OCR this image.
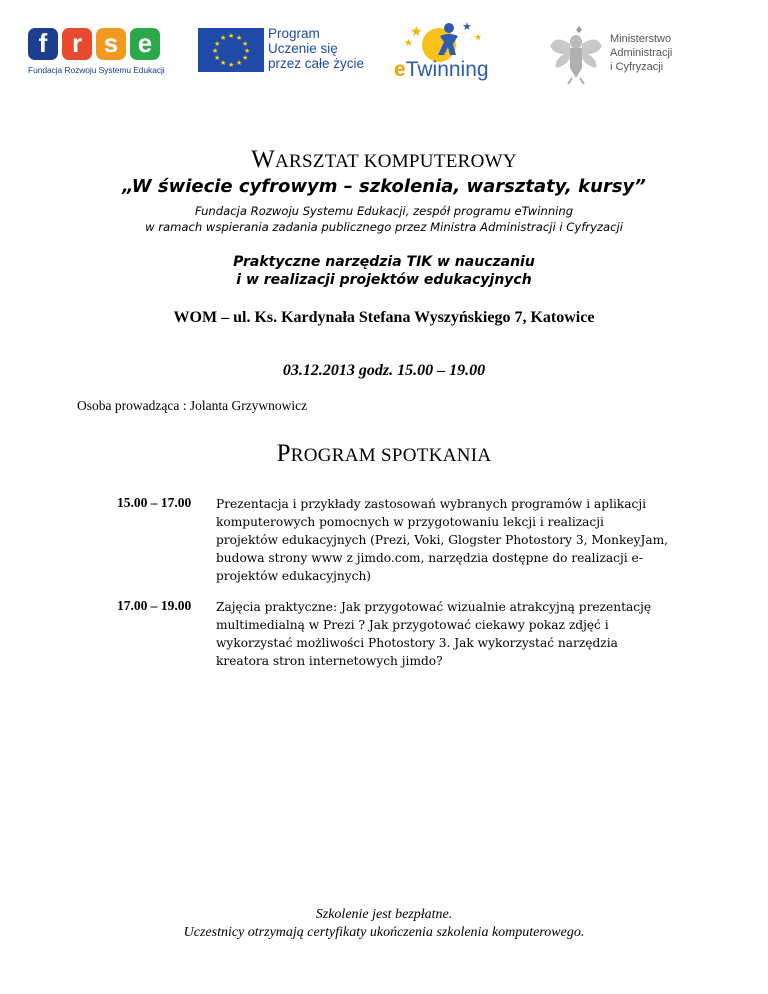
f r s e
Fundacja Rozwoju Systemu Edukacji
★ ★
★
★
★
★
★
★
★
★
★
★	Program
Uczenie się
przez całe życie
★
★
★
★
eTwinning
Ministerstwo
Administracji
i Cyfryzacji
WARSZTAT KOMPUTEROWY
„W świecie cyfrowym – szkolenia, warsztaty, kursy”
Fundacja Rozwoju Systemu Edukacji, zespół programu eTwinning
w ramach wspierania zadania publicznego przez Ministra Administracji i Cyfryzacji
Praktyczne narzędzia TIK w nauczaniu
i w realizacji projektów edukacyjnych
WOM – ul. Ks. Kardynała Stefana Wyszyńskiego 7, Katowice
03.12.2013 godz. 15.00 – 19.00
Osoba prowadząca : Jolanta Grzywnowicz
PROGRAM SPOTKANIA
15.00 – 17.00 Prezentacja i przykłady zastosowań wybranych programów i aplikacji
komputerowych pomocnych w przygotowaniu lekcji i realizacji
projektów edukacyjnych (Prezi, Voki, Glogster Photostory 3, MonkeyJam,
budowa strony www z jimdo.com, narzędzia dostępne do realizacji e-
projektów edukacyjnych)
17.00 – 19.00 Zajęcia praktyczne: Jak przygotować wizualnie atrakcyjną prezentację
multimedialną w Prezi ? Jak przygotować ciekawy pokaz zdjęć i
wykorzystać możliwości Photostory 3. Jak wykorzystać narzędzia
kreatora stron internetowych jimdo?
Szkolenie jest bezpłatne.
Uczestnicy otrzymają certyfikaty ukończenia szkolenia komputerowego.
